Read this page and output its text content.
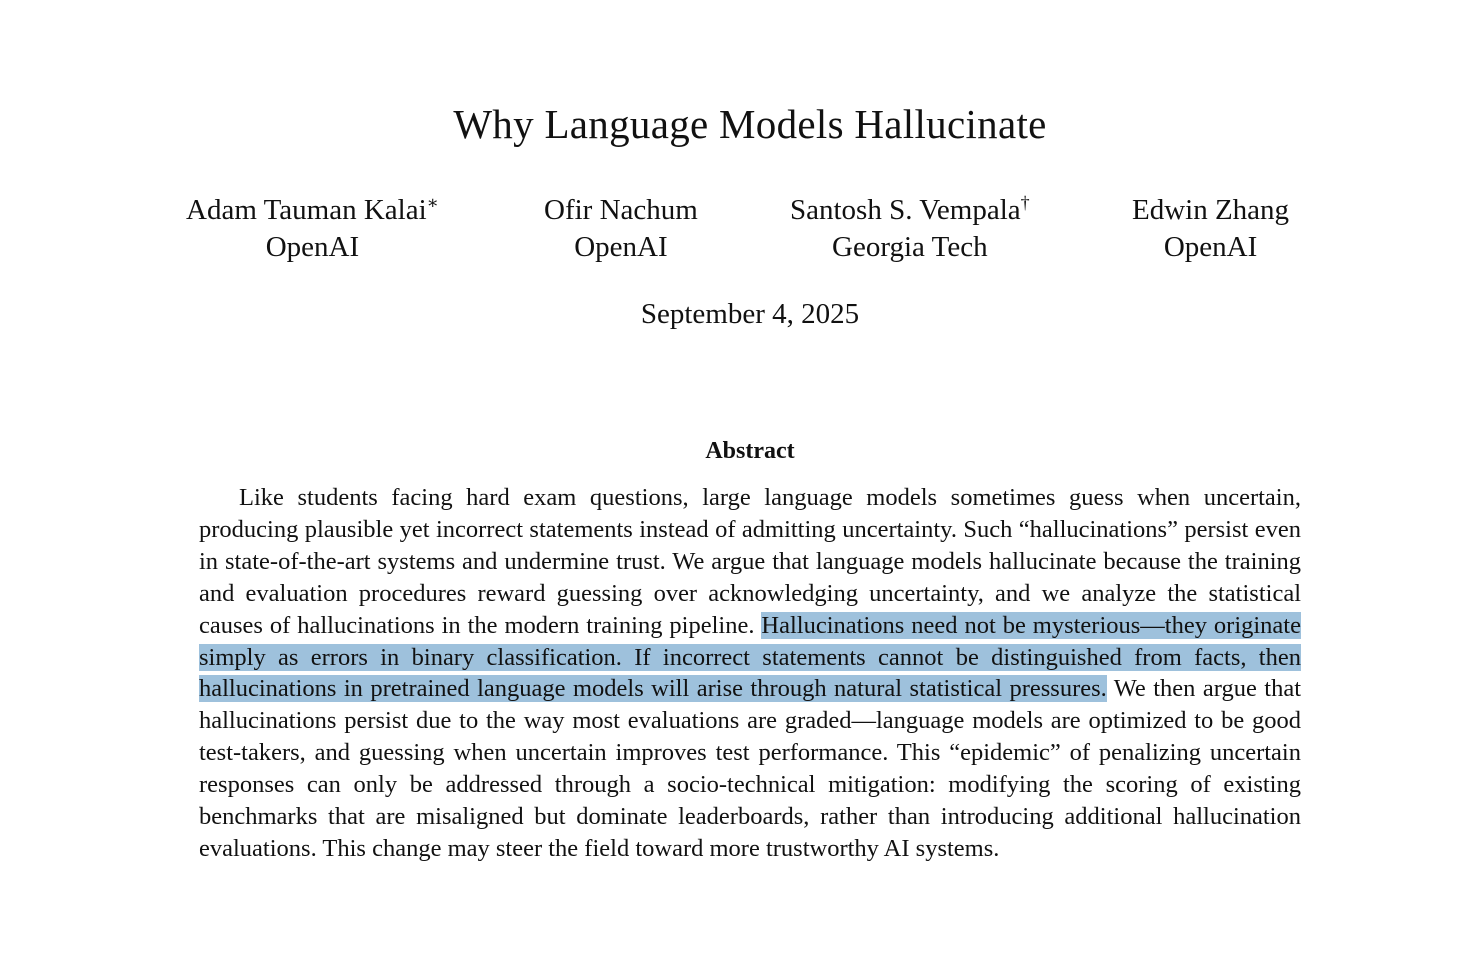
Why Language Models Hallucinate
Adam Tauman Kalai∗
OpenAI
Ofir Nachum
OpenAI
Santosh S. Vempala†
Georgia Tech
Edwin Zhang
OpenAI
September 4, 2025
Abstract

Like students facing hard exam questions, large language models sometimes guess when uncertain, producing plausible yet incorrect statements instead of admitting uncertainty. Such “hallucinations” persist even in state-of-the-art systems and undermine trust. We argue that language models hallucinate because the training and evaluation procedures reward guessing over acknowledging uncertainty, and we analyze the statistical causes of hallucinations in the modern training pipeline. Hallucinations need not be mysterious—they originate simply as errors in binary classification. If incorrect statements cannot be distinguished from facts, then hallucinations in pretrained language models will arise through natural statistical pressures. We then argue that hallucinations persist due to the way most evaluations are graded—language models are optimized to be good test-takers, and guessing when uncertain improves test performance. This “epidemic” of penalizing uncertain responses can only be addressed through a socio-technical mitigation: modifying the scoring of existing benchmarks that are misaligned but dominate leaderboards, rather than introducing additional hallucination evaluations. This change may steer the field toward more trustworthy AI systems.
